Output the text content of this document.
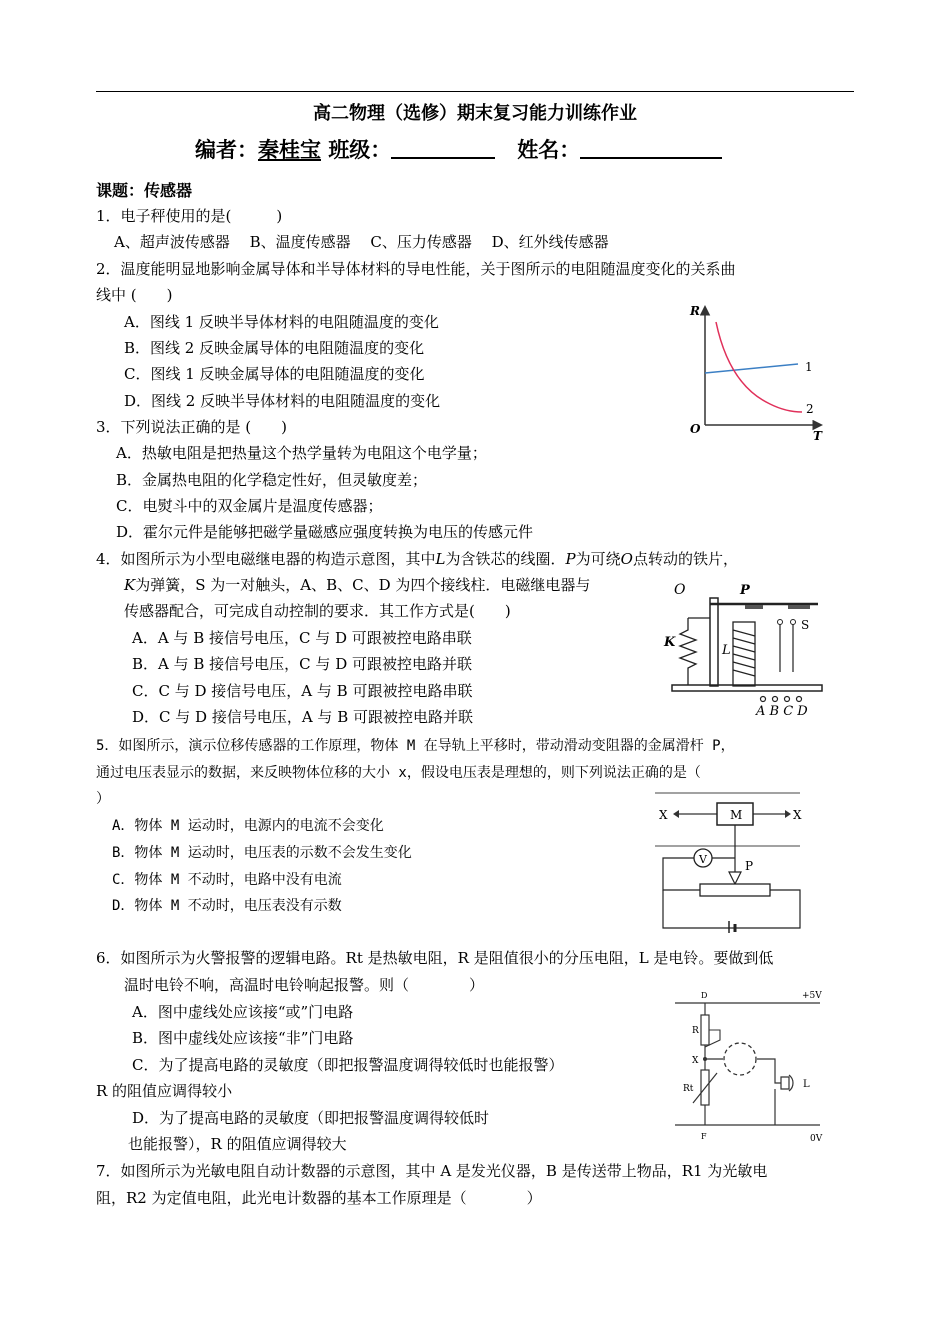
高二物理（选修）期末复习能力训练作业
编者：秦桂宝 班级：	姓名：
课题：传感器
1．电子秤使用的是(　　　)
A、超声波传感器　 B、温度传感器　 C、压力传感器　 D、红外线传感器
2．温度能明显地影响金属导体和半导体材料的导电性能，关于图所示的电阻随温度变化的关系曲
线中 (　　)
A．图线 1 反映半导体材料的电阻随温度的变化
B．图线 2 反映金属导体的电阻随温度的变化
C．图线 1 反映金属导体的电阻随温度的变化
D．图线 2 反映半导体材料的电阻随温度的变化
R
T
O
1
2
3．下列说法正确的是 (　　)
A．热敏电阻是把热量这个热学量转为电阻这个电学量；
B．金属热电阻的化学稳定性好，但灵敏度差；
C．电熨斗中的双金属片是温度传感器；
D．霍尔元件是能够把磁学量磁感应强度转换为电压的传感元件
4．如图所示为小型电磁继电器的构造示意图，其中L为含铁芯的线圈．P为可绕O点转动的铁片，
K为弹簧，S 为一对触头，A、B、C、D 为四个接线柱．电磁继电器与
传感器配合，可完成自动控制的要求．其工作方式是(　　)
A．A 与 B 接信号电压，C 与 D 可跟被控电路串联
B．A 与 B 接信号电压，C 与 D 可跟被控电路并联
C．C 与 D 接信号电压，A 与 B 可跟被控电路串联
D．C 与 D 接信号电压，A 与 B 可跟被控电路并联
O	P
K
L
S
A B C D
5．如图所示，演示位移传感器的工作原理，物体 M 在导轨上平移时，带动滑动变阻器的金属滑杆 P，
通过电压表显示的数据，来反映物体位移的大小 x，假设电压表是理想的，则下列说法正确的是（
）
A．物体 M 运动时，电源内的电流不会变化
B．物体 M 运动时，电压表的示数不会发生变化
C．物体 M 不动时，电路中没有电流
D．物体 M 不动时，电压表没有示数
X	X
M
V	P
6．如图所示为火警报警的逻辑电路。Rt 是热敏电阻，R 是阻值很小的分压电阻，L 是电铃。要做到低
温时电铃不响，高温时电铃响起报警。则（　　　　）
A．图中虚线处应该接“或”门电路
B．图中虚线处应该接“非”门电路
C．为了提高电路的灵敏度（即把报警温度调得较低时也能报警）
R 的阻值应调得较小
D．为了提高电路的灵敏度（即把报警温度调得较低时
也能报警），R 的阻值应调得较大
+5V
0V
R
Rt
X
L
D
F
7．如图所示为光敏电阻自动计数器的示意图，其中 A 是发光仪器，B 是传送带上物品，R1 为光敏电
阻，R2 为定值电阻，此光电计数器的基本工作原理是（　　　　）
